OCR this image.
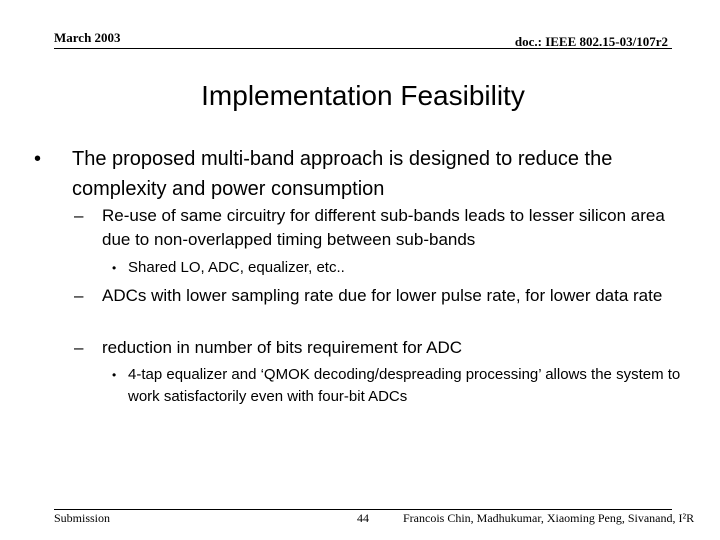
March 2003	doc.: IEEE 802.15-03/107r2
Implementation Feasibility
•	The proposed multi-band approach is designed to reduce the complexity and power consumption
–	Re-use of same circuitry for different sub-bands leads to lesser silicon area due to non-overlapped timing between sub-bands
• Shared LO, ADC, equalizer, etc..
–	ADCs with lower sampling rate due for lower pulse rate, for lower data rate
–	reduction in number of bits requirement for ADC
• 4-tap equalizer and ‘QMOK decoding/despreading processing’ allows the system to work satisfactorily even with four-bit ADCs
Submission	44	Francois Chin, Madhukumar, Xiaoming Peng, Sivanand, I²R
